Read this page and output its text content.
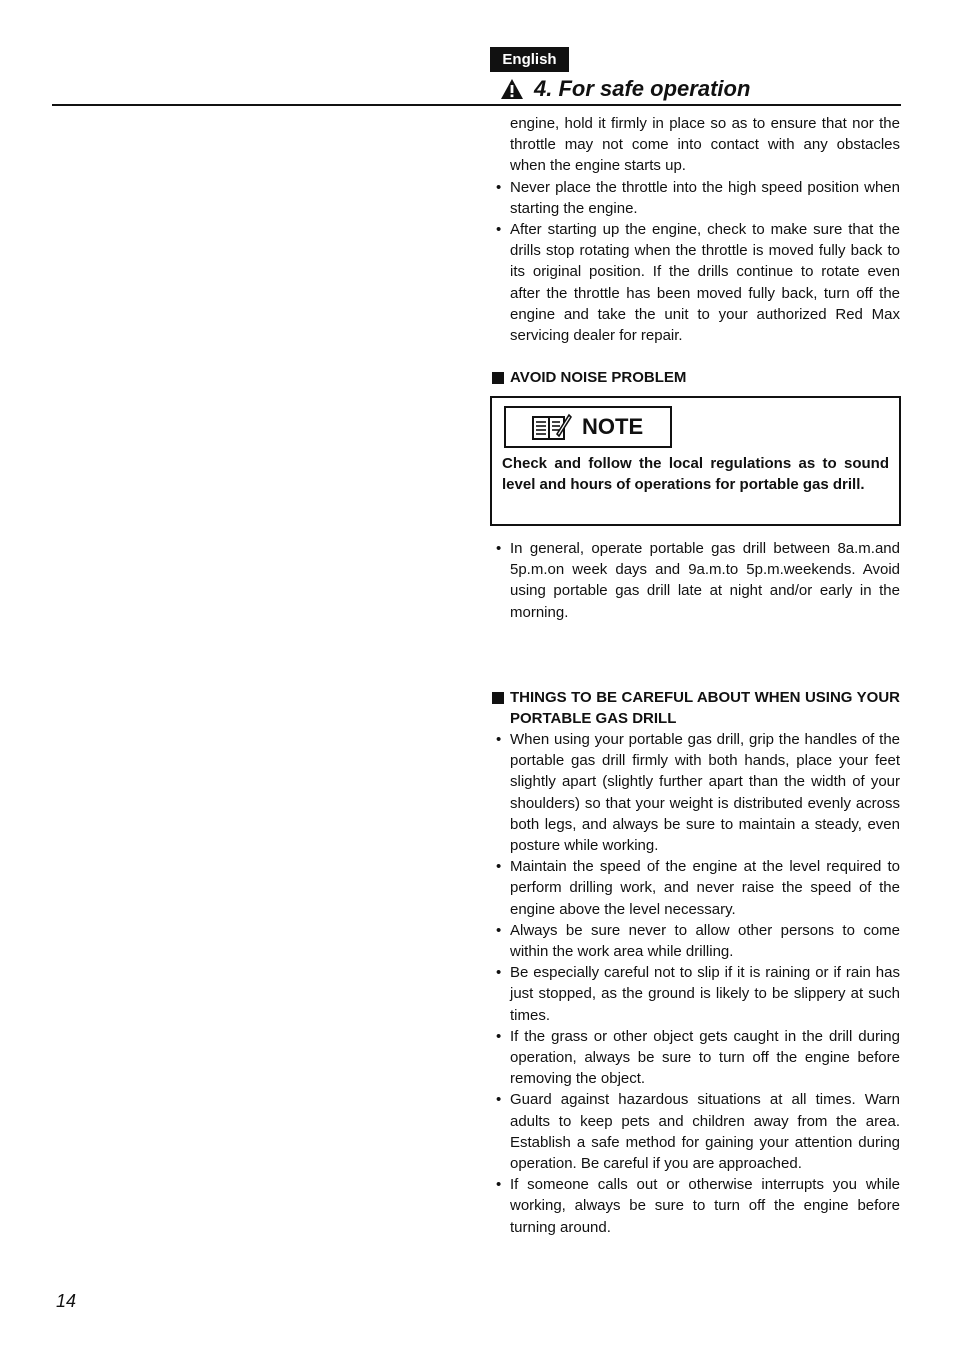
English
4. For safe operation

engine, hold it firmly in place so as to ensure that nor the throttle may not come into contact with any obstacles when the engine starts up.

• Never place the throttle into the high speed position when starting the engine.
• After starting up the engine, check to make sure that the drills stop rotating when the throttle is moved fully back to its original position. If the drills continue to rotate even after the throttle has been moved fully back, turn off the engine and take the unit to your authorized Red Max servicing dealer for repair.
AVOID NOISE PROBLEM
NOTE
Check and follow the local regulations as to sound level and hours of operations for portable gas drill.
• In general, operate portable gas drill between 8a.m.and 5p.m.on week days and 9a.m.to 5p.m.weekends. Avoid using portable gas drill late at night and/or early in the morning.
THINGS TO BE CAREFUL ABOUT WHEN USING YOUR PORTABLE GAS DRILL
• When using your portable gas drill, grip the handles of the portable gas drill firmly with both hands, place your feet slightly apart (slightly further apart than the width of your shoulders) so that your weight is distributed evenly across both legs, and always be sure to maintain a steady, even posture while working.
• Maintain the speed of the engine at the level required to perform drilling work, and never raise the speed of the engine above the level necessary.
• Always be sure never to allow other persons to come within the work area while drilling.
• Be especially careful not to slip if it is raining or if rain has just stopped, as the ground is likely to be slippery at such times.
• If the grass or other object gets caught in the drill during operation, always be sure to turn off the engine before removing the object.
• Guard against hazardous situations at all times. Warn adults to keep pets and children away from the area. Establish a safe method for gaining your attention during operation. Be careful if you are approached.
• If someone calls out or otherwise interrupts you while working, always be sure to turn off the engine before turning around.
14
